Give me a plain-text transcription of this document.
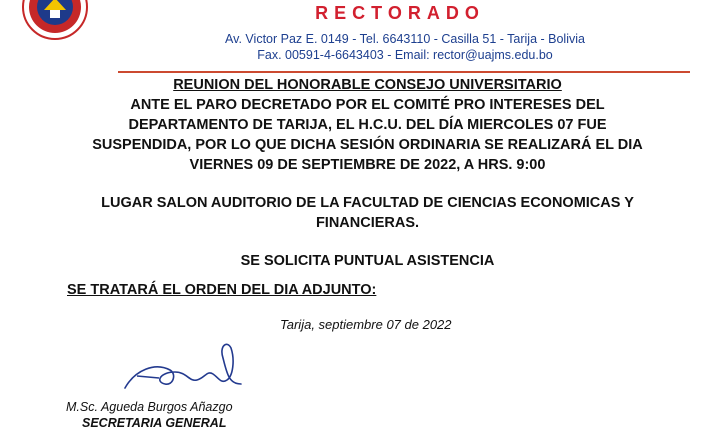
RECTORADO
Av. Victor Paz E. 0149 - Tel. 6643110 - Casilla 51 - Tarija - Bolivia
Fax. 00591-4-6643403 - Email: rector@uajms.edu.bo

REUNION DEL HONORABLE CONSEJO UNIVERSITARIO

ANTE EL PARO DECRETADO POR EL COMITÉ PRO INTERESES DEL

DEPARTAMENTO DE TARIJA, EL H.C.U. DEL DÍA MIERCOLES 07 FUE

SUSPENDIDA, POR LO QUE DICHA SESIÓN ORDINARIA SE REALIZARÁ EL DIA

VIERNES 09 DE SEPTIEMBRE DE 2022, A HRS. 9:00

LUGAR SALON AUDITORIO DE LA FACULTAD DE CIENCIAS ECONOMICAS Y

FINANCIERAS.

SE SOLICITA PUNTUAL ASISTENCIA

SE TRATARÁ EL ORDEN DEL DIA ADJUNTO:
Tarija, septiembre 07 de 2022
M.Sc. Agueda Burgos Añazgo
SECRETARIA GENERAL
